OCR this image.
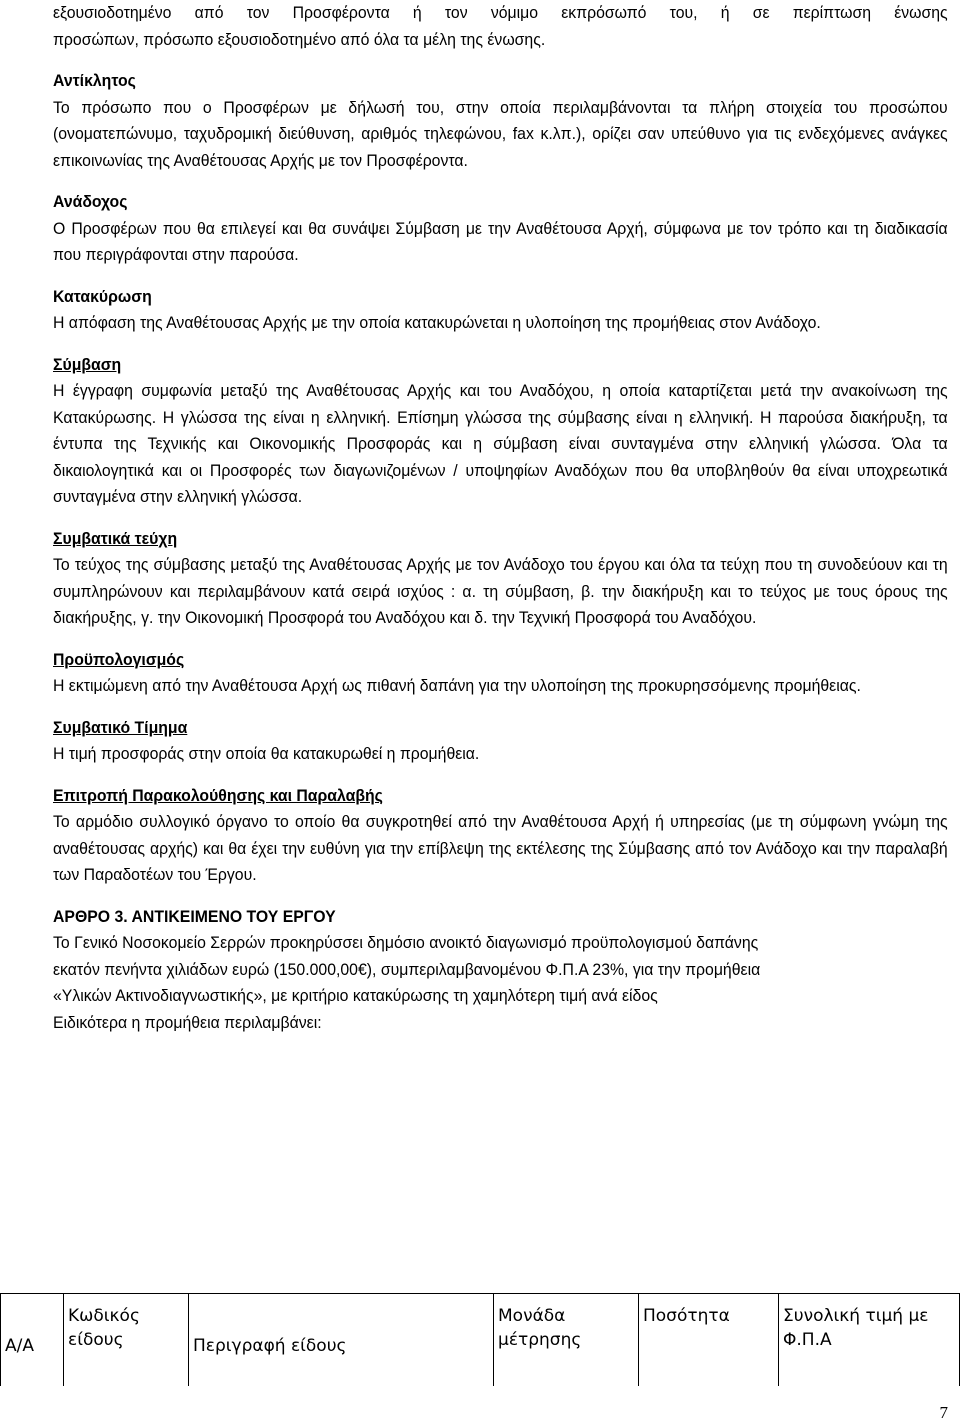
εξουσιοδοτημένο από τον Προσφέροντα ή τον νόμιμο εκπρόσωπό του, ή σε περίπτωση ένωσης

προσώπων, πρόσωπο εξουσιοδοτημένο από όλα τα μέλη της ένωσης.

Αντίκλητος

Το πρόσωπο που ο Προσφέρων με δήλωσή του, στην οποία περιλαμβάνονται τα πλήρη στοιχεία του προσώπου (ονοματεπώνυμο, ταχυδρομική διεύθυνση, αριθμός τηλεφώνου, fax κ.λπ.), ορίζει σαν υπεύθυνο για τις ενδεχόμενες ανάγκες επικοινωνίας της Αναθέτουσας Αρχής με τον Προσφέροντα.

Ανάδοχος

Ο Προσφέρων που θα επιλεγεί και θα συνάψει Σύμβαση με την Αναθέτουσα Αρχή, σύμφωνα με τον τρόπο και τη διαδικασία που περιγράφονται στην παρούσα.

Κατακύρωση

Η απόφαση της Αναθέτουσας Αρχής με την οποία κατακυρώνεται η υλοποίηση της προμήθειας στον Ανάδοχο.

Σύμβαση

Η έγγραφη συμφωνία μεταξύ της Αναθέτουσας Αρχής και του Αναδόχου, η οποία καταρτίζεται μετά την ανακοίνωση της Κατακύρωσης. Η γλώσσα της είναι η ελληνική. Επίσημη γλώσσα της σύμβασης είναι η ελληνική. Η παρούσα διακήρυξη, τα έντυπα της Τεχνικής και Οικονομικής Προσφοράς και η σύμβαση είναι συνταγμένα στην ελληνική γλώσσα. Όλα τα δικαιολογητικά και οι Προσφορές των διαγωνιζομένων / υποψηφίων Αναδόχων που θα υποβληθούν θα είναι υποχρεωτικά συνταγμένα στην ελληνική γλώσσα.

Συμβατικά τεύχη

Το τεύχος της σύμβασης μεταξύ της Αναθέτουσας Αρχής με τον Ανάδοχο του έργου και όλα τα τεύχη που τη συνοδεύουν και τη συμπληρώνουν και περιλαμβάνουν κατά σειρά ισχύος : α. τη σύμβαση, β. την διακήρυξη και το τεύχος με τους όρους της διακήρυξης, γ. την Οικονομική Προσφορά του Αναδόχου και δ. την Τεχνική Προσφορά του Αναδόχου.

Προϋπολογισμός

Η εκτιμώμενη από την Αναθέτουσα Αρχή ως πιθανή δαπάνη για την υλοποίηση της προκυρησσόμενης προμήθειας.

Συμβατικό Τίμημα

Η τιμή προσφοράς στην οποία θα κατακυρωθεί η προμήθεια.

Επιτροπή Παρακολούθησης και Παραλαβής

Το αρμόδιο συλλογικό όργανο το οποίο θα συγκροτηθεί από την Αναθέτουσα Αρχή ή υπηρεσίας (με τη σύμφωνη γνώμη της αναθέτουσας αρχής) και θα έχει την ευθύνη για την επίβλεψη της εκτέλεσης της Σύμβασης από τον Ανάδοχο και την παραλαβή των Παραδοτέων του Έργου.

ΑΡΘΡΟ 3. ΑΝΤΙΚΕΙΜΕΝΟ ΤΟΥ ΕΡΓΟΥ

Το Γενικό Νοσοκομείο Σερρών προκηρύσσει δημόσιο ανοικτό διαγωνισμό προϋπολογισμού δαπάνης

εκατόν πενήντα χιλιάδων ευρώ (150.000,00€), συμπεριλαμβανομένου Φ.Π.Α 23%, για την προμήθεια

«Υλικών Ακτινοδιαγνωστικής», με κριτήριο κατακύρωσης τη χαμηλότερη τιμή ανά είδος

Ειδικότερα η προμήθεια περιλαμβάνει:

Α/Α	Κωδικός είδους	Περιγραφή είδους	Μονάδα μέτρησης	Ποσότητα	Συνολική τιμή με Φ.Π.Α
7
